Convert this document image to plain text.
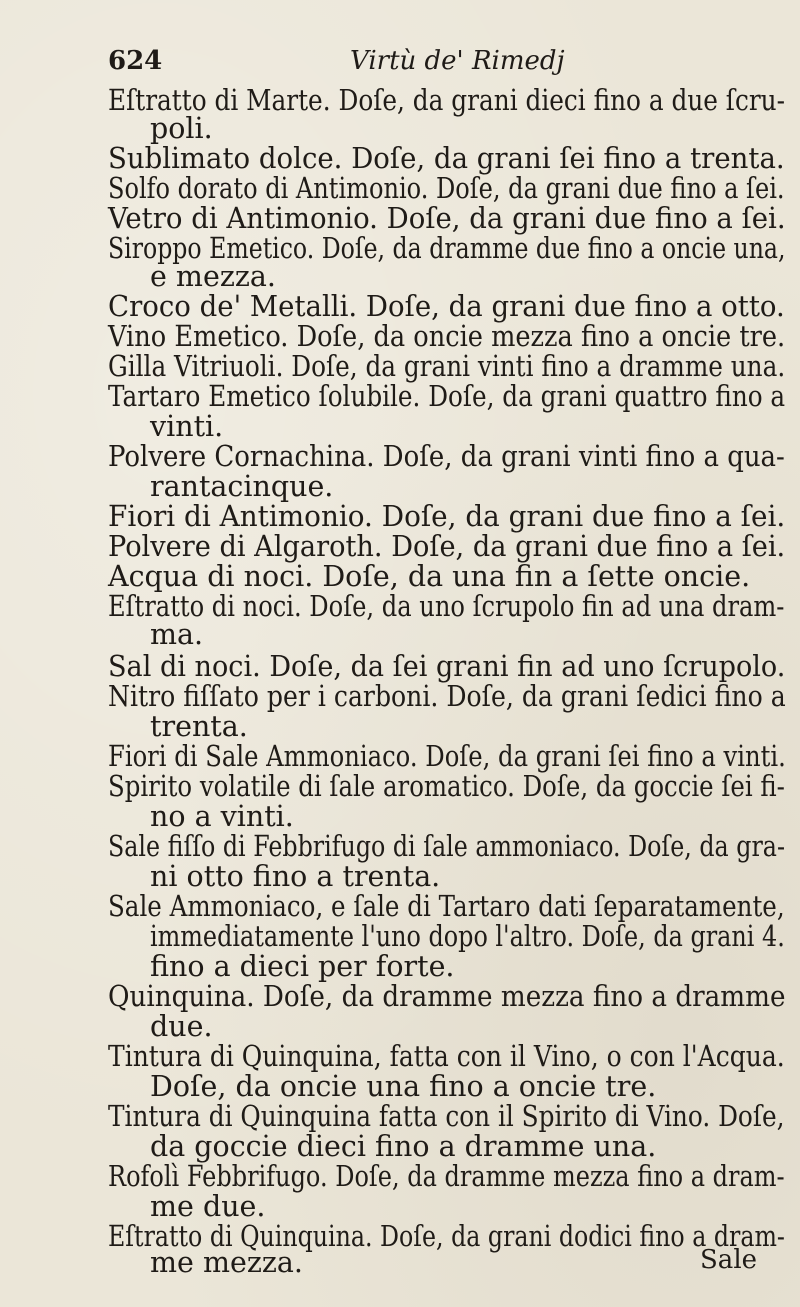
624	Virtù de' Rimedj
Eſtratto di Marte. Doſe, da grani dieci fino a due ſcru-
poli.
Sublimato dolce. Doſe, da grani ſei fino a trenta.
Solfo dorato di Antimonio. Doſe, da grani due fino a ſei.
Vetro di Antimonio. Doſe, da grani due fino a ſei.
Siroppo Emetico. Doſe, da dramme due fino a oncie una,
e mezza.
Croco de' Metalli. Doſe, da grani due fino a otto.
Vino Emetico. Doſe, da oncie mezza fino a oncie tre.
Gilla Vitriuoli. Doſe, da grani vinti fino a dramme una.
Tartaro Emetico ſolubile. Doſe, da grani quattro fino a
vinti.
Polvere Cornachina. Doſe, da grani vinti fino a qua-
rantacinque.
Fiori di Antimonio. Doſe, da grani due fino a ſei.
Polvere di Algaroth. Doſe, da grani due fino a ſei.
Acqua di noci. Doſe, da una fin a ſette oncie.
Eſtratto di noci. Doſe, da uno ſcrupolo fin ad una dram-
ma.
Sal di noci. Doſe, da ſei grani fin ad uno ſcrupolo.
Nitro fiſſato per i carboni. Doſe, da grani ſedici fino a
trenta.
Fiori di Sale Ammoniaco. Doſe, da grani ſei fino a vinti.
Spirito volatile di ſale aromatico. Doſe, da goccie ſei fi-
no a vinti.
Sale fiſſo di Febbrifugo di ſale ammoniaco. Doſe, da gra-
ni otto fino a trenta.
Sale Ammoniaco, e ſale di Tartaro dati ſeparatamente,
immediatamente l'uno dopo l'altro. Doſe, da grani 4.
fino a dieci per forte.
Quinquina. Doſe, da dramme mezza fino a dramme
due.
Tintura di Quinquina, fatta con il Vino, o con l'Acqua.
Doſe, da oncie una fino a oncie tre.
Tintura di Quinquina fatta con il Spirito di Vino. Doſe,
da goccie dieci fino a dramme una.
Rofolì Febbrifugo. Doſe, da dramme mezza fino a dram-
me due.
Eſtratto di Quinquina. Doſe, da grani dodici fino a dram-
me mezza.	Sale
